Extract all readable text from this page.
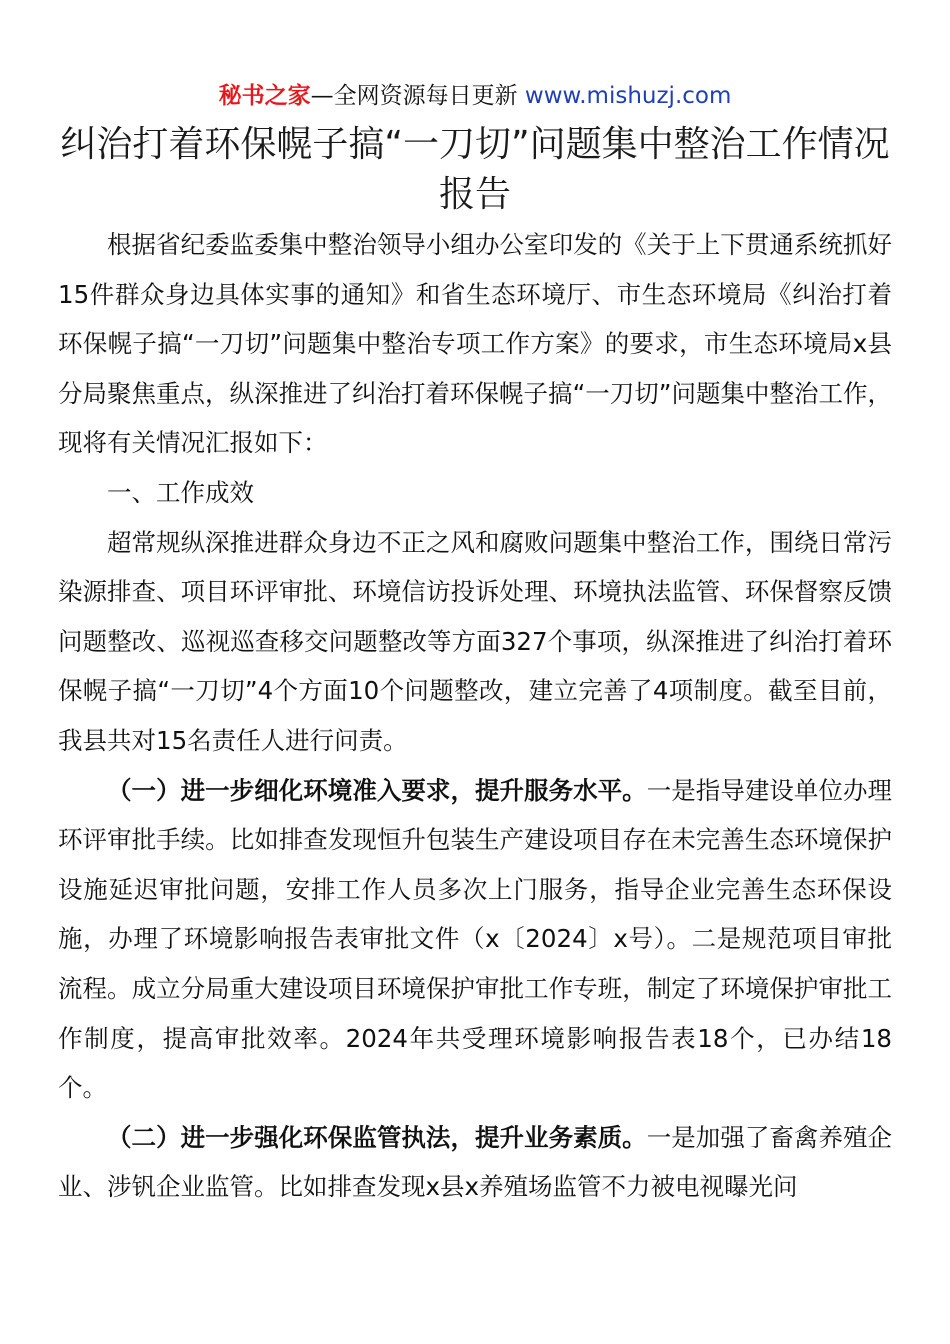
秘书之家—全网资源每日更新 www.mishuzj.com
纠治打着环保幌子搞“一刀切”问题集中整治工作情况报告

根据省纪委监委集中整治领导小组办公室印发的《关于上下贯通系统抓好15件群众身边具体实事的通知》和省生态环境厅、市生态环境局《纠治打着环保幌子搞“一刀切”问题集中整治专项工作方案》的要求，市生态环境局x县分局聚焦重点，纵深推进了纠治打着环保幌子搞“一刀切”问题集中整治工作，现将有关情况汇报如下：

一、工作成效

超常规纵深推进群众身边不正之风和腐败问题集中整治工作，围绕日常污染源排查、项目环评审批、环境信访投诉处理、环境执法监管、环保督察反馈问题整改、巡视巡查移交问题整改等方面327个事项，纵深推进了纠治打着环保幌子搞“一刀切”4个方面10个问题整改，建立完善了4项制度。截至目前，我县共对15名责任人进行问责。

（一）进一步细化环境准入要求，提升服务水平。一是指导建设单位办理环评审批手续。比如排查发现恒升包装生产建设项目存在未完善生态环境保护设施延迟审批问题，安排工作人员多次上门服务，指导企业完善生态环保设施，办理了环境影响报告表审批文件（x〔2024〕x号）。二是规范项目审批流程。成立分局重大建设项目环境保护审批工作专班，制定了环境保护审批工作制度，提高审批效率。2024年共受理环境影响报告表18个，已办结18个。

（二）进一步强化环保监管执法，提升业务素质。一是加强了畜禽养殖企业、涉钒企业监管。比如排查发现x县x养殖场监管不力被电视曝光问
